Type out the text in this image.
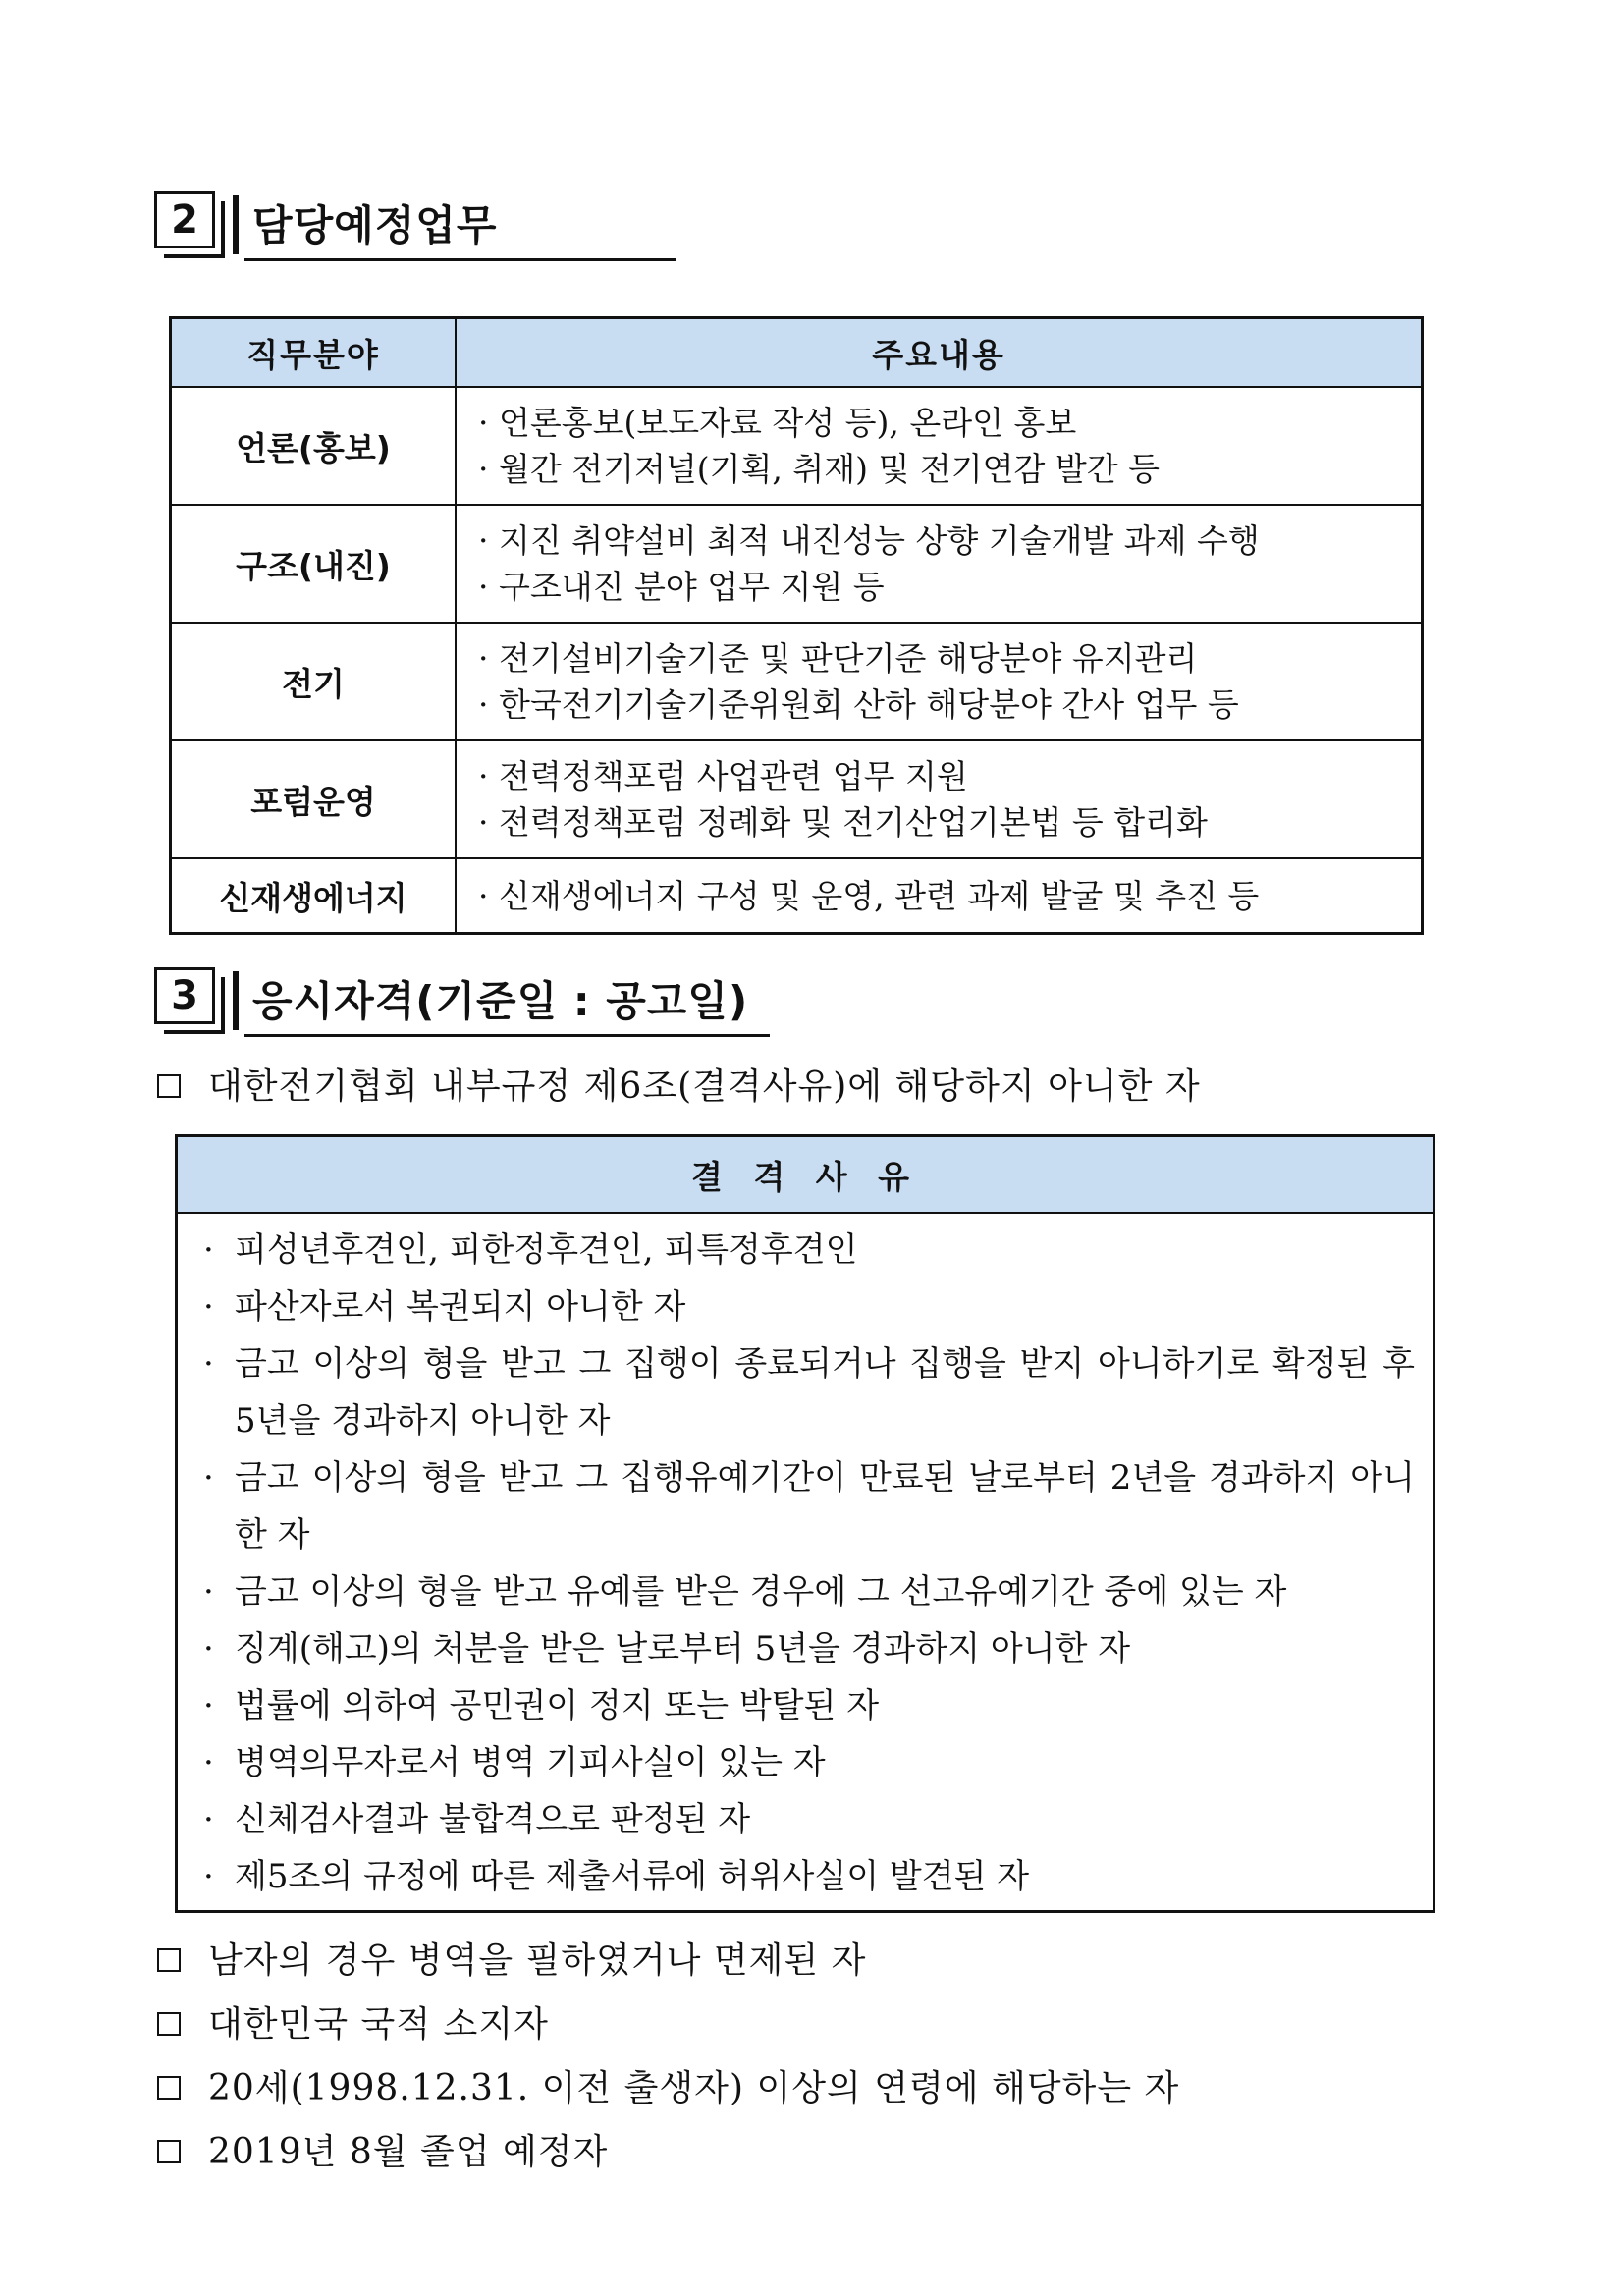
2	담당예정업무
직무분야	주요내용
언론(홍보)	· 언론홍보(보도자료 작성 등), 온라인 홍보
· 월간 전기저널(기획, 취재) 및 전기연감 발간 등

구조(내진)	· 지진 취약설비 최적 내진성능 상향 기술개발 과제 수행
· 구조내진 분야 업무 지원 등

전기	· 전기설비기술기준 및 판단기준 해당분야 유지관리
· 한국전기기술기준위원회 산하 해당분야 간사 업무 등

포럼운영	· 전력정책포럼 사업관련 업무 지원
· 전력정책포럼 정례화 및 전기산업기본법 등 합리화

신재생에너지	· 신재생에너지 구성 및 운영, 관련 과제 발굴 및 추진 등
3	응시자격(기준일 : 공고일)
대한전기협회 내부규정 제6조(결격사유)에 해당하지 아니한 자
결 격 사 유
· 피성년후견인, 피한정후견인, 피특정후견인
· 파산자로서 복권되지 아니한 자
· 금고 이상의 형을 받고 그 집행이 종료되거나 집행을 받지 아니하기로 확정된 후 5년을 경과하지 아니한 자
· 금고 이상의 형을 받고 그 집행유예기간이 만료된 날로부터 2년을 경과하지 아니한 자
· 금고 이상의 형을 받고 유예를 받은 경우에 그 선고유예기간 중에 있는 자
· 징계(해고)의 처분을 받은 날로부터 5년을 경과하지 아니한 자
· 법률에 의하여 공민권이 정지 또는 박탈된 자
· 병역의무자로서 병역 기피사실이 있는 자
· 신체검사결과 불합격으로 판정된 자
· 제5조의 규정에 따른 제출서류에 허위사실이 발견된 자
남자의 경우 병역을 필하였거나 면제된 자
대한민국 국적 소지자
20세(1998.12.31. 이전 출생자) 이상의 연령에 해당하는 자
2019년 8월 졸업 예정자
